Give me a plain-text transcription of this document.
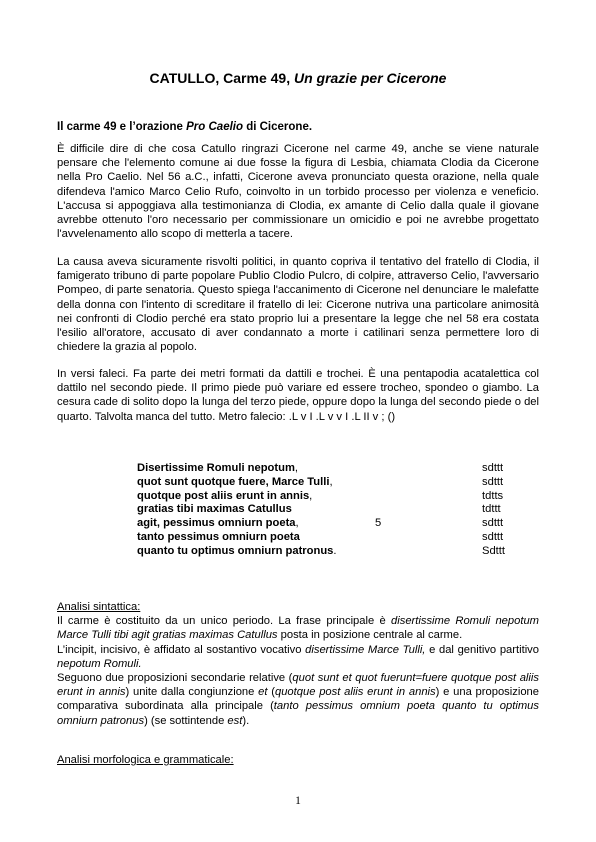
CATULLO, Carme 49, Un grazie per Cicerone
Il carme 49 e l’orazione Pro Caelio di Cicerone.

È difficile dire di che cosa Catullo ringrazi Cicerone nel carme 49, anche se viene naturale pensare che l'elemento comune ai due fosse la figura di Lesbia, chiamata Clodia da Cicerone nella Pro Caelio. Nel 56 a.C., infatti, Cicerone aveva pronunciato questa orazione, nella quale difendeva l'amico Marco Celio Rufo, coinvolto in un torbido processo per violenza e veneficio. L'accusa si appoggiava alla testimonianza di Clodia, ex amante di Celio dalla quale il giovane avrebbe ottenuto l'oro necessario per commissionare un omicidio e poi ne avrebbe progettato l'avvelenamento allo scopo di metterla a tacere.

La causa aveva sicuramente risvolti politici, in quanto copriva il tentativo del fratello di Clodia, il famigerato tribuno di parte popolare Publio Clodio Pulcro, di colpire, attraverso Celio, l'avversario Pompeo, di parte senatoria. Questo spiega l'accanimento di Cicerone nel denunciare le malefatte della donna con l'intento di screditare il fratello di lei: Cicerone nutriva una particolare animosità nei confronti di Clodio perché era stato proprio lui a presentare la legge che nel 58 era costata l'esilio all'oratore, accusato di aver condannato a morte i catilinari senza permettere loro di chiedere la grazia al popolo.

In versi faleci. Fa parte dei metri formati da dattili e trochei. È una pentapodia acatalettica col dattilo nel secondo piede. Il primo piede può variare ed essere trocheo, spondeo o giambo. La cesura cade di solito dopo la lunga del terzo piede, oppure dopo la lunga del secondo piede o del quarto. Talvolta manca del tutto. Metro falecio: .L v I .L v v I .L II v ; ()

Disertissime Romuli nepotum,	sdttt
quot sunt quotque fuere, Marce Tulli,	sdttt
quotque post aliis erunt in annis,	tdtts
gratias tibi maximas Catullus	tdttt
agit, pessimus omniurn poeta,	5	sdttt
tanto pessimus omniurn poeta	sdttt
quanto tu optimus omniurn patronus.	Sdttt
Analisi sintattica:
Il carme è costituito da un unico periodo. La frase principale è disertissime Romuli nepotum Marce Tulli tibi agit gratias maximas Catullus posta in posizione centrale al carme.
L’incipit, incisivo, è affidato al sostantivo vocativo disertissime Marce Tulli, e dal genitivo partitivo nepotum Romuli.
Seguono due proposizioni secondarie relative (quot sunt et quot fuerunt=fuere quotque post aliis erunt in annis) unite dalla congiunzione et (quotque post aliis erunt in annis) e una proposizione comparativa subordinata alla principale (tanto pessimus omnium poeta quanto tu optimus omniurn patronus) (se sottintende est).
Analisi morfologica e grammaticale:
1
